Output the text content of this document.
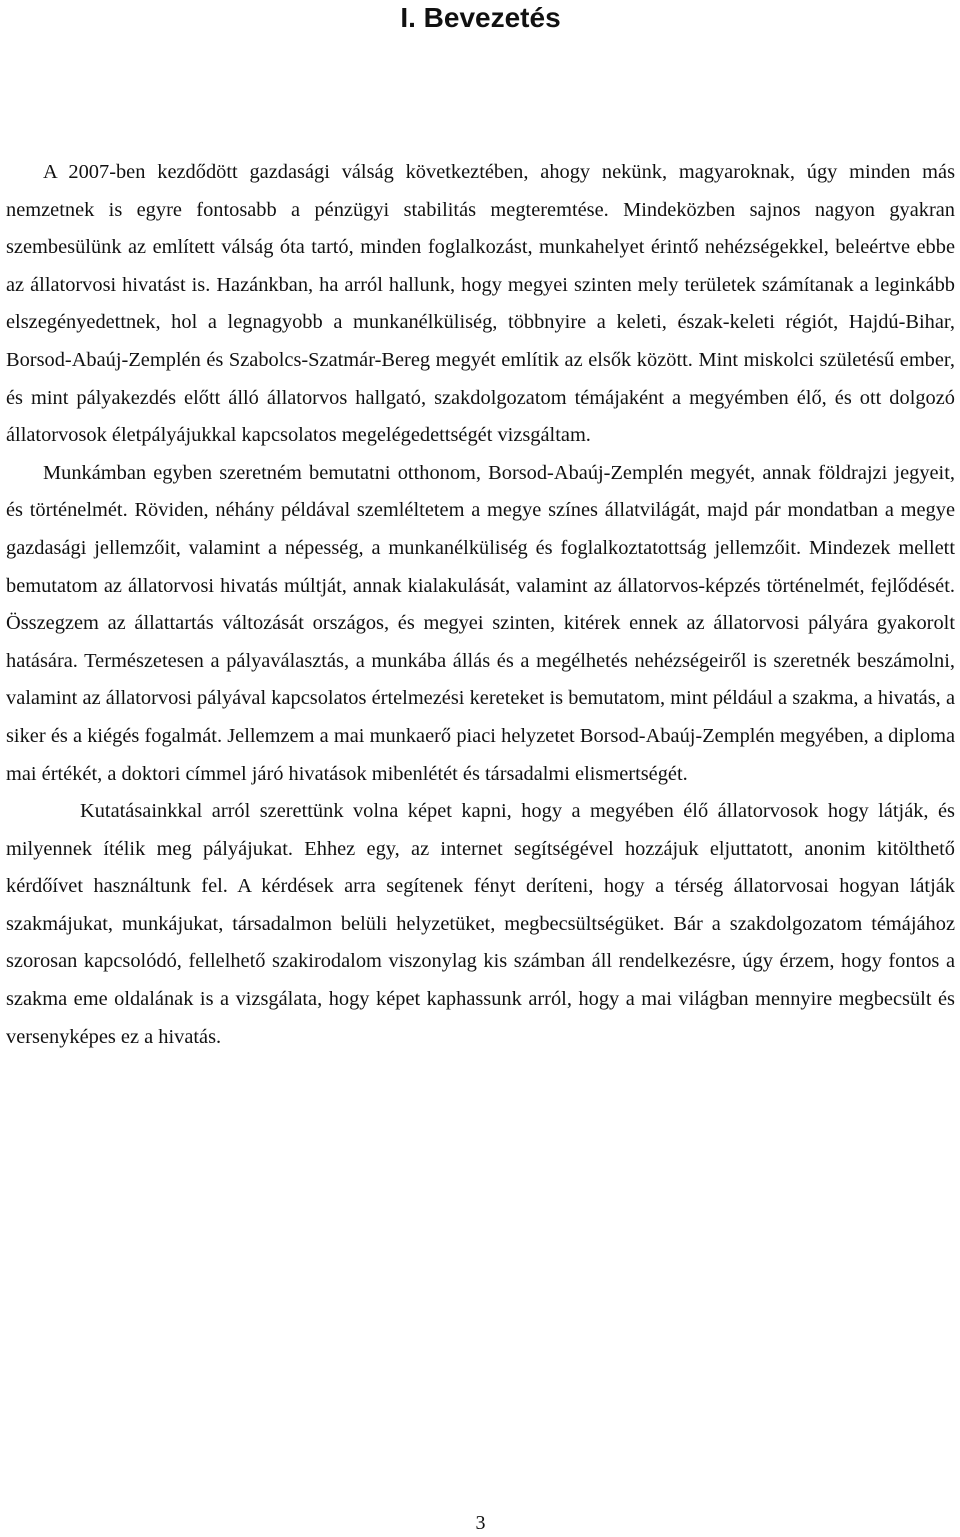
I. Bevezetés

A 2007-ben kezdődött gazdasági válság következtében, ahogy nekünk, magyaroknak, úgy minden más nemzetnek is egyre fontosabb a pénzügyi stabilitás megteremtése. Mindeközben sajnos nagyon gyakran szembesülünk az említett válság óta tartó, minden foglalkozást, munkahelyet érintő nehézségekkel, beleértve ebbe az állatorvosi hivatást is. Hazánkban, ha arról hallunk, hogy megyei szinten mely területek számítanak a leginkább elszegényedettnek, hol a legnagyobb a munkanélküliség, többnyire a keleti, észak-keleti régiót, Hajdú-Bihar, Borsod-Abaúj-Zemplén és Szabolcs-Szatmár-Bereg megyét említik az elsők között. Mint miskolci születésű ember, és mint pályakezdés előtt álló állatorvos hallgató, szakdolgozatom témájaként a megyémben élő, és ott dolgozó állatorvosok életpályájukkal kapcsolatos megelégedettségét vizsgáltam.

Munkámban egyben szeretném bemutatni otthonom, Borsod-Abaúj-Zemplén megyét, annak földrajzi jegyeit, és történelmét. Röviden, néhány példával szemléltetem a megye színes állatvilágát, majd pár mondatban a megye gazdasági jellemzőit, valamint a népesség, a munkanélküliség és foglalkoztatottság jellemzőit. Mindezek mellett bemutatom az állatorvosi hivatás múltját, annak kialakulását, valamint az állatorvos-képzés történelmét, fejlődését. Összegzem az állattartás változását országos, és megyei szinten, kitérek ennek az állatorvosi pályára gyakorolt hatására. Természetesen a pályaválasztás, a munkába állás és a megélhetés nehézségeiről is szeretnék beszámolni, valamint az állatorvosi pályával kapcsolatos értelmezési kereteket is bemutatom, mint például a szakma, a hivatás, a siker és a kiégés fogalmát. Jellemzem a mai munkaerő piaci helyzetet Borsod-Abaúj-Zemplén megyében, a diploma mai értékét, a doktori címmel járó hivatások mibenlétét és társadalmi elismertségét.

Kutatásainkkal arról szerettünk volna képet kapni, hogy a megyében élő állatorvosok hogy látják, és milyennek ítélik meg pályájukat. Ehhez egy, az internet segítségével hozzájuk eljuttatott, anonim kitölthető kérdőívet használtunk fel. A kérdések arra segítenek fényt deríteni, hogy a térség állatorvosai hogyan látják szakmájukat, munkájukat, társadalmon belüli helyzetüket, megbecsültségüket. Bár a szakdolgozatom témájához szorosan kapcsolódó, fellelhető szakirodalom viszonylag kis számban áll rendelkezésre, úgy érzem, hogy fontos a szakma eme oldalának is a vizsgálata, hogy képet kaphassunk arról, hogy a mai világban mennyire megbecsült és versenyképes ez a hivatás.

3
